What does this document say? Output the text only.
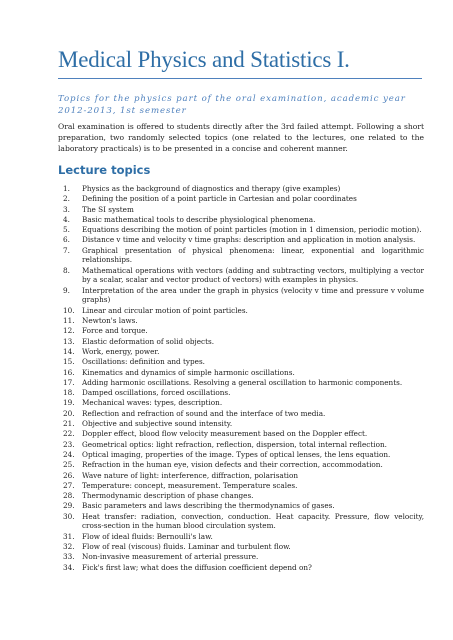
Medical Physics and Statistics I.
Topics for the physics part of the oral examination, academic year 2012-2013, 1st semester
Oral examination is offered to students directly after the 3rd failed attempt. Following a short preparation, two randomly selected topics (one related to the lectures, one related to the laboratory practicals) is to be presented in a concise and coherent manner.
Lecture topics
1. Physics as the background of diagnostics and therapy (give examples)
2. Defining the position of a point particle in Cartesian and polar coordinates
3. The SI system
4. Basic mathematical tools to describe physiological phenomena.
5. Equations describing the motion of point particles (motion in 1 dimension, periodic motion).
6. Distance v time and velocity v time graphs: description and application in motion analysis.
7. Graphical presentation of physical phenomena: linear, exponential and logarithmic relationships.
8. Mathematical operations with vectors (adding and subtracting vectors, multiplying a vector by a scalar, scalar and vector product of vectors) with examples in physics.
9. Interpretation of the area under the graph in physics (velocity v time and pressure v volume graphs)
10. Linear and circular motion of point particles.
11. Newton's laws.
12. Force and torque.
13. Elastic deformation of solid objects.
14. Work, energy, power.
15. Oscillations: definition and types.
16. Kinematics and dynamics of simple harmonic oscillations.
17. Adding harmonic oscillations. Resolving a general oscillation to harmonic components.
18. Damped oscillations, forced oscillations.
19. Mechanical waves: types, description.
20. Reflection and refraction of sound and the interface of two media.
21. Objective and subjective sound intensity.
22. Doppler effect, blood flow velocity measurement based on the Doppler effect.
23. Geometrical optics: light refraction, reflection, dispersion, total internal reflection.
24. Optical imaging, properties of the image. Types of optical lenses, the lens equation.
25. Refraction in the human eye, vision defects and their correction, accommodation.
26. Wave nature of light: interference, diffraction, polarisation
27. Temperature: concept, measurement. Temperature scales.
28. Thermodynamic description of phase changes.
29. Basic parameters and laws describing the thermodynamics of gases.
30. Heat transfer: radiation, convection, conduction. Heat capacity. Pressure, flow velocity, cross-section in the human blood circulation system.
31. Flow of ideal fluids: Bernoulli's law.
32. Flow of real (viscous) fluids. Laminar and turbulent flow.
33. Non-invasive measurement of arterial pressure.
34. Fick's first law; what does the diffusion coefficient depend on?
